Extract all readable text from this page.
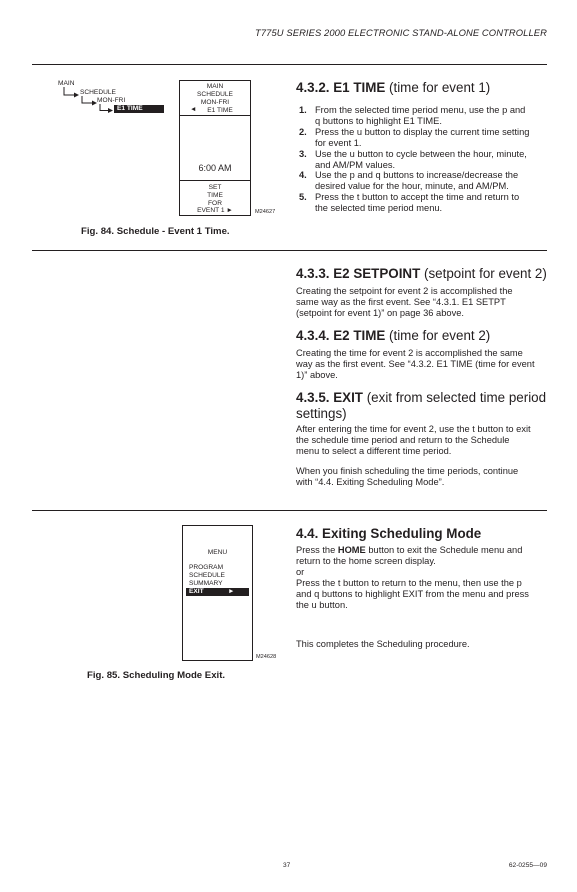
T775U SERIES 2000 ELECTRONIC STAND-ALONE CONTROLLER
MAIN
SCHEDULE
MON-FRI
E1 TIME
MAIN
SCHEDULE
MON-FRI
◄	E1 TIME
6:00 AM
SET
TIME
FOR
EVENT 1 ►	M24627
Fig. 84. Schedule - Event 1 Time.
4.3.2. E1 TIME (time for event 1)
1. From the selected time period menu, use the p and
q buttons to highlight E1 TIME.
2. Press the u button to display the current time setting
for event 1.
3. Use the u button to cycle between the hour, minute,
and AM/PM values.
4. Use the p and q buttons to increase/decrease the
desired value for the hour, minute, and AM/PM.
5. Press the t button to accept the time and return to
the selected time period menu.
4.3.3. E2 SETPOINT (setpoint for event 2)
Creating the setpoint for event 2 is accomplished the
same way as the first event. See “4.3.1. E1 SETPT
(setpoint for event 1)” on page 36 above.
4.3.4. E2 TIME (time for event 2)
Creating the time for event 2 is accomplished the same
way as the first event. See “4.3.2. E1 TIME (time for event
1)” above.
4.3.5. EXIT (exit from selected time period
settings)
After entering the time for event 2, use the t button to exit
the schedule time period and return to the Schedule
menu to select a different time period.
When you finish scheduling the time periods, continue
with “4.4. Exiting Scheduling Mode”.
MENU
PROGRAM
SCHEDULE
SUMMARY
EXIT	►
M24628
Fig. 85. Scheduling Mode Exit.
4.4. Exiting Scheduling Mode
Press the HOME button to exit the Schedule menu and
return to the home screen display.
or
Press the t button to return to the menu, then use the p
and q buttons to highlight EXIT from the menu and press
the u button.
This completes the Scheduling procedure.
37	62-0255—09
